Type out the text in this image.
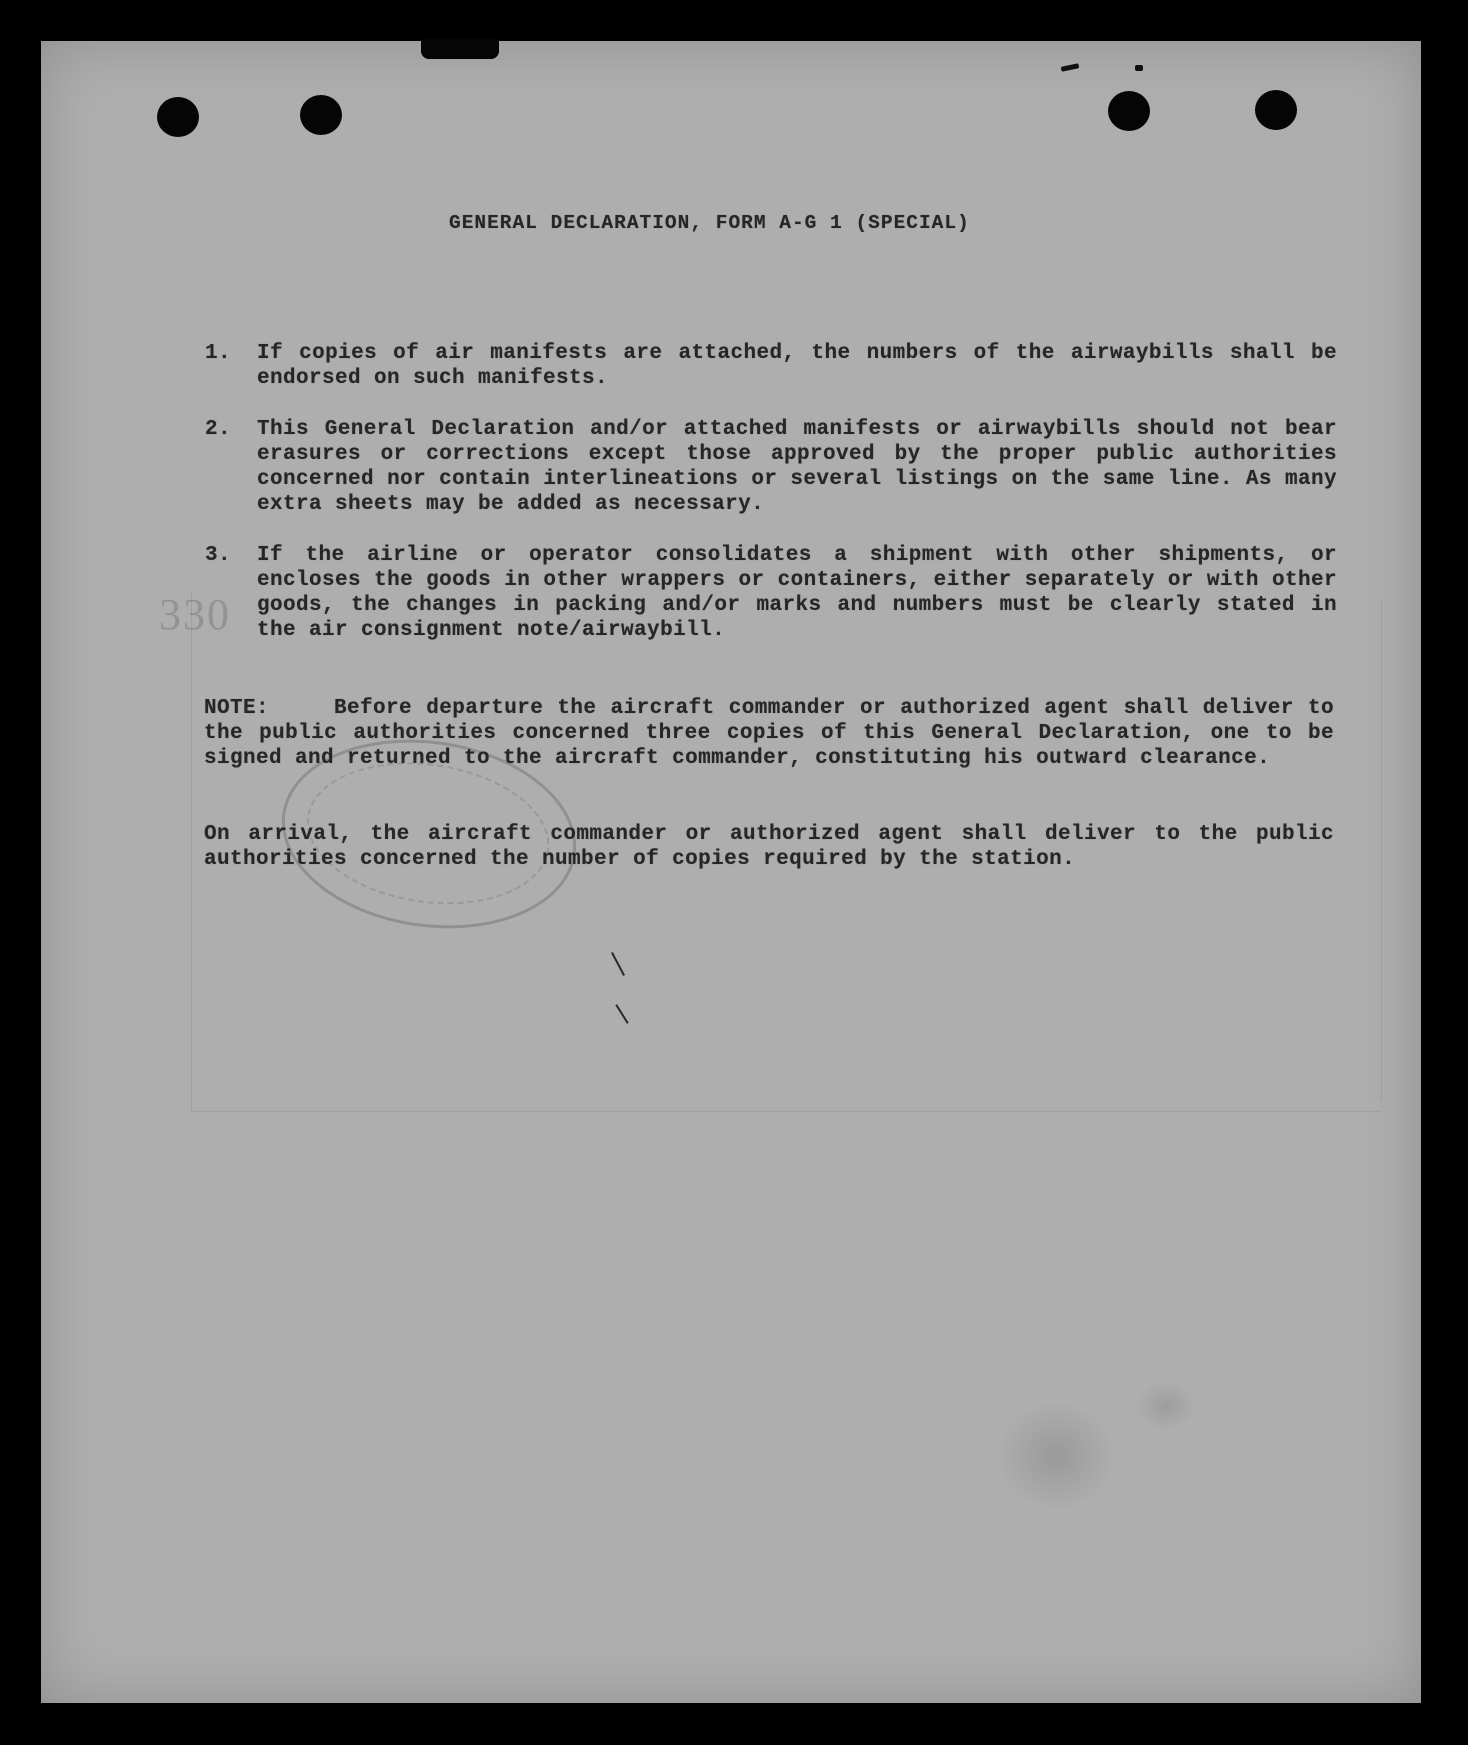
330
GENERAL DECLARATION, FORM A-G 1 (SPECIAL)
1. If copies of air manifests are attached, the numbers of the airwaybills shall be endorsed on such manifests.
2. This General Declaration and/or attached manifests or airwaybills should not bear erasures or corrections except those approved by the proper public authorities concerned nor contain interlineations or several listings on the same line. As many extra sheets may be added as necessary.
3. If the airline or operator consolidates a shipment with other shipments, or encloses the goods in other wrappers or containers, either separately or with other goods, the changes in packing and/or marks and numbers must be clearly stated in the air consignment note/airwaybill.
NOTE:	Before departure the aircraft commander or authorized agent shall deliver to the public authorities concerned three copies of this General Declaration, one to be signed and returned to the aircraft commander, constituting his outward clearance.
On arrival, the aircraft commander or authorized agent shall deliver to the public authorities concerned the number of copies required by the station.
